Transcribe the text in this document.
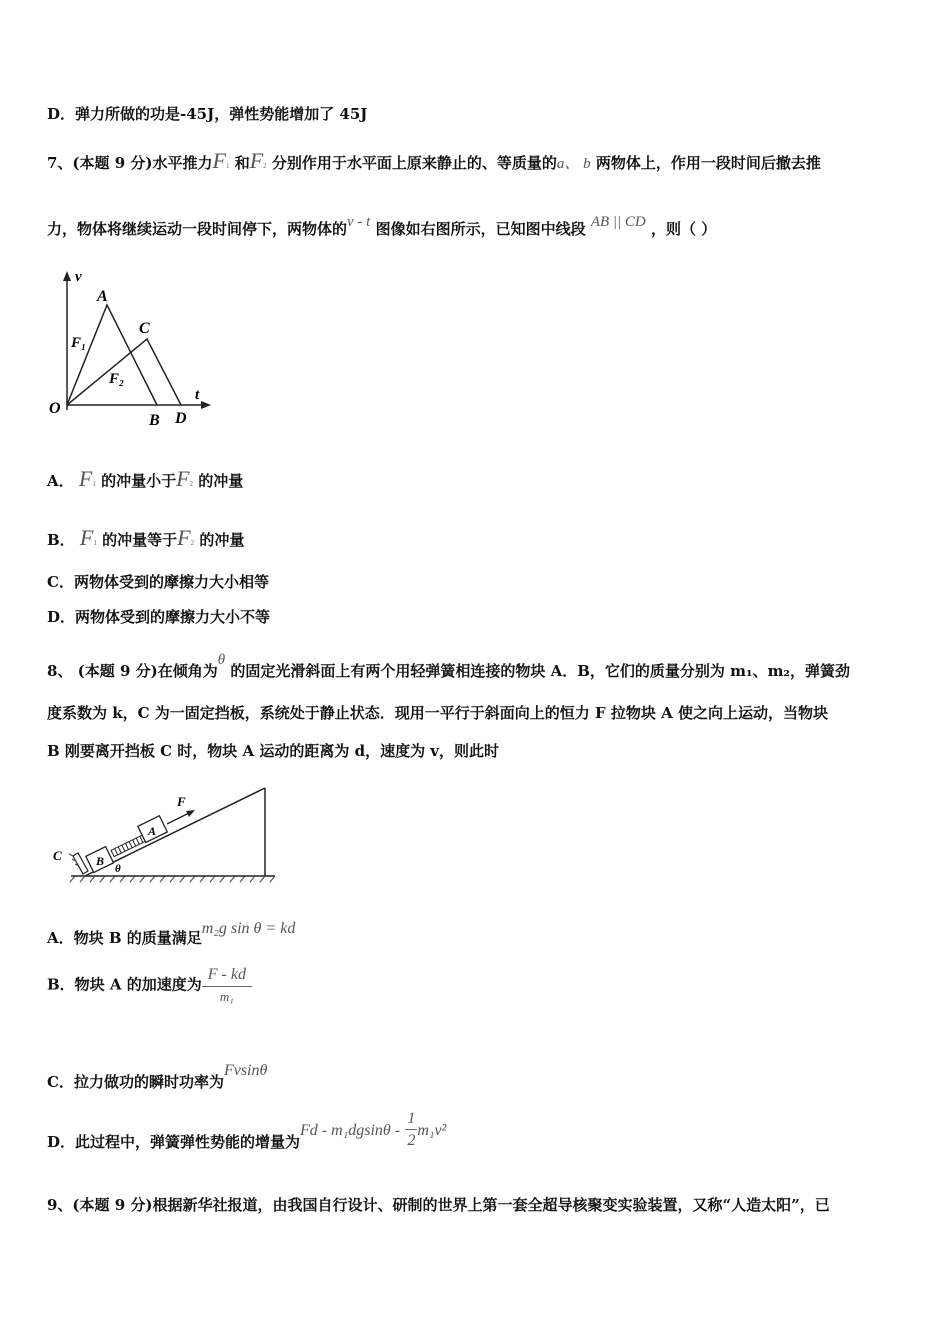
D．弹力所做的功是-45J，弹性势能增加了 45J
7、(本题 9 分)水平推力F1 和F2 分别作用于水平面上原来静止的、等质量的a、 b 两物体上，作用一段时间后撤去推
力，物体将继续运动一段时间停下，两物体的v - t 图像如右图所示，已知图中线段 AB || CD ，则（ ）
v
t
O
A
B
C
D
F₁
F₂
A． F1 的冲量小于F2 的冲量
B． F1 的冲量等于F2 的冲量
C．两物体受到的摩擦力大小相等
D．两物体受到的摩擦力大小不等
8、 (本题 9 分)在倾角为θ 的固定光滑斜面上有两个用轻弹簧相连接的物块 A．B，它们的质量分别为 m₁、m₂，弹簧劲
度系数为 k，C 为一固定挡板，系统处于静止状态．现用一平行于斜面向上的恒力 F 拉物块 A 使之向上运动，当物块
B 刚要离开挡板 C 时，物块 A 运动的距离为 d，速度为 v，则此时
F
A
B
C
θ
A．物块 B 的质量满足m₂g sin θ = kd
B．物块 A 的加速度为 $\frac{F - kd}{\text{m₁}}$
C．拉力做功的瞬时功率为Fvsinθ
D．此过程中，弹簧弹性势能的增量为Fd - $m_1dgsin\theta - \frac{1}{2} m_1v^2$
9、(本题 9 分)根据新华社报道，由我国自行设计、研制的世界上第一套全超导核聚变实验装置，又称“人造太阳”，已
